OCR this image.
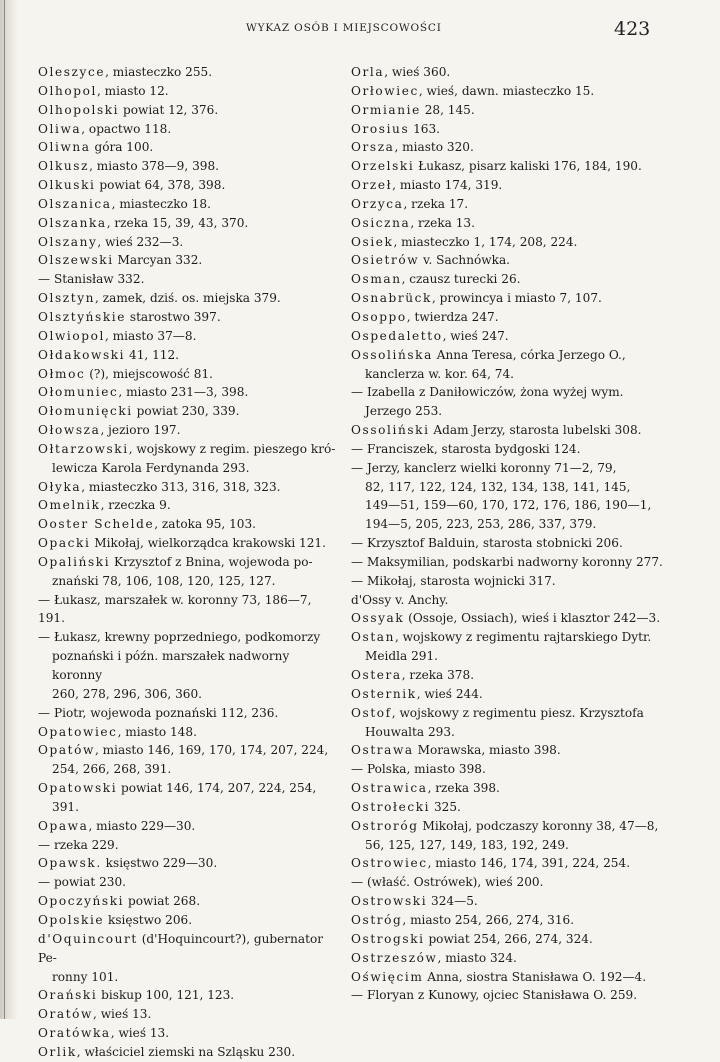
WYKAZ OSÓB I MIEJSCOWOŚCI	423
Oleszyce, miasteczko 255.
Olhopol, miasto 12.
Olhopolski powiat 12, 376.
Oliwa, opactwo 118.
Oliwna góra 100.
Olkusz, miasto 378—9, 398.
Olkuski powiat 64, 378, 398.
Olszanica, miasteczko 18.
Olszanka, rzeka 15, 39, 43, 370.
Olszany, wieś 232—3.
Olszewski Marcyan 332.
— Stanisław 332.
Olsztyn, zamek, dziś. os. miejska 379.
Olsztyńskie starostwo 397.
Olwiopol, miasto 37—8.
Ołdakowski 41, 112.
Ołmoc (?), miejscowość 81.
Ołomuniec, miasto 231—3, 398.
Ołomunięcki powiat 230, 339.
Ołowsza, jezioro 197.
Ołtarzowski, wojskowy z regim. pieszego kró-
lewicza Karola Ferdynanda 293.
Ołyka, miasteczko 313, 316, 318, 323.
Omelnik, rzeczka 9.
Ooster Schelde, zatoka 95, 103.
Opacki Mikołaj, wielkorządca krakowski 121.
Opaliński Krzysztof z Bnina, wojewoda po-
znański 78, 106, 108, 120, 125, 127.
— Łukasz, marszałek w. koronny 73, 186—7, 191.
— Łukasz, krewny poprzedniego, podkomorzy
poznański i późn. marszałek nadworny koronny
260, 278, 296, 306, 360.
— Piotr, wojewoda poznański 112, 236.
Opatowiec, miasto 148.
Opatów, miasto 146, 169, 170, 174, 207, 224,
254, 266, 268, 391.
Opatowski powiat 146, 174, 207, 224, 254,
391.
Opawa, miasto 229—30.
— rzeka 229.
Opawsk. księstwo 229—30.
— powiat 230.
Opoczyński powiat 268.
Opolskie księstwo 206.
d'Oquincourt (d'Hoquincourt?), gubernator Pe-
ronny 101.
Orański biskup 100, 121, 123.
Oratów, wieś 13.
Oratówka, wieś 13.
Orlik, właściciel ziemski na Szląsku 230.
Orla, wieś 360.
Orłowiec, wieś, dawn. miasteczko 15.
Ormianie 28, 145.
Orosius 163.
Orsza, miasto 320.
Orzelski Łukasz, pisarz kaliski 176, 184, 190.
Orzeł, miasto 174, 319.
Orzyca, rzeka 17.
Osiczna, rzeka 13.
Osiek, miasteczko 1, 174, 208, 224.
Osietrów v. Sachnówka.
Osman, czausz turecki 26.
Osnabrück, prowincya i miasto 7, 107.
Osoppo, twierdza 247.
Ospedaletto, wieś 247.
Ossolińska Anna Teresa, córka Jerzego O.,
kanclerza w. kor. 64, 74.
— Izabella z Daniłowiczów, żona wyżej wym.
Jerzego 253.
Ossoliński Adam Jerzy, starosta lubelski 308.
— Franciszek, starosta bydgoski 124.
— Jerzy, kanclerz wielki koronny 71—2, 79,
82, 117, 122, 124, 132, 134, 138, 141, 145,
149—51, 159—60, 170, 172, 176, 186, 190—1,
194—5, 205, 223, 253, 286, 337, 379.
— Krzysztof Balduin, starosta stobnicki 206.
— Maksymilian, podskarbi nadworny koronny 277.
— Mikołaj, starosta wojnicki 317.
d'Ossy v. Anchy.
Ossyak (Ossoje, Ossiach), wieś i klasztor 242—3.
Ostan, wojskowy z regimentu rajtarskiego Dytr.
Meidla 291.
Ostera, rzeka 378.
Osternik, wieś 244.
Ostof, wojskowy z regimentu piesz. Krzysztofa
Houwalta 293.
Ostrawa Morawska, miasto 398.
— Polska, miasto 398.
Ostrawica, rzeka 398.
Ostrołecki 325.
Ostroróg Mikołaj, podczaszy koronny 38, 47—8,
56, 125, 127, 149, 183, 192, 249.
Ostrowiec, miasto 146, 174, 391, 224, 254.
— (właść. Ostrówek), wieś 200.
Ostrowski 324—5.
Ostróg, miasto 254, 266, 274, 316.
Ostrogski powiat 254, 266, 274, 324.
Ostrzeszów, miasto 324.
Oświęcim Anna, siostra Stanisława O. 192—4.
— Floryan z Kunowy, ojciec Stanisława O. 259.
